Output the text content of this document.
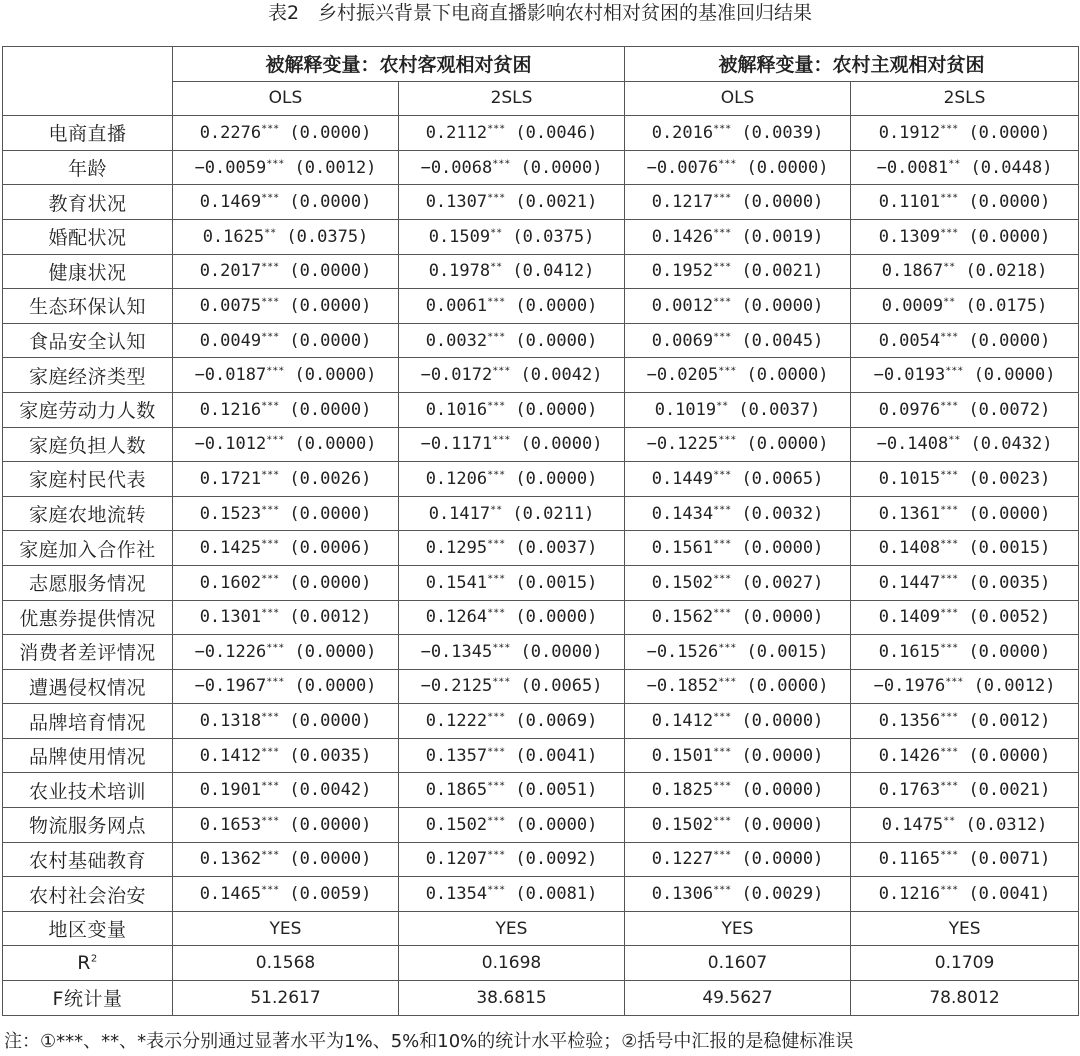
表2　乡村振兴背景下电商直播影响农村相对贫困的基准回归结果
	被解释变量：农村客观相对贫困		被解释变量：农村主观相对贫困	
	OLS	2SLS	OLS	2SLS
电商直播	0.2276*** (0.0000)	0.2112*** (0.0046)	0.2016*** (0.0039)	0.1912*** (0.0000)
年龄	−0.0059*** (0.0012)	−0.0068*** (0.0000)	−0.0076*** (0.0000)	−0.0081** (0.0448)
教育状况	0.1469*** (0.0000)	0.1307*** (0.0021)	0.1217*** (0.0000)	0.1101*** (0.0000)
婚配状况	0.1625** (0.0375)	0.1509** (0.0375)	0.1426*** (0.0019)	0.1309*** (0.0000)
健康状况	0.2017*** (0.0000)	0.1978** (0.0412)	0.1952*** (0.0021)	0.1867** (0.0218)
生态环保认知	0.0075*** (0.0000)	0.0061*** (0.0000)	0.0012*** (0.0000)	0.0009** (0.0175)
食品安全认知	0.0049*** (0.0000)	0.0032*** (0.0000)	0.0069*** (0.0045)	0.0054*** (0.0000)
家庭经济类型	−0.0187*** (0.0000)	−0.0172*** (0.0042)	−0.0205*** (0.0000)	−0.0193*** (0.0000)
家庭劳动力人数	0.1216*** (0.0000)	0.1016*** (0.0000)	0.1019** (0.0037)	0.0976*** (0.0072)
家庭负担人数	−0.1012*** (0.0000)	−0.1171*** (0.0000)	−0.1225*** (0.0000)	−0.1408** (0.0432)
家庭村民代表	0.1721*** (0.0026)	0.1206*** (0.0000)	0.1449*** (0.0065)	0.1015*** (0.0023)
家庭农地流转	0.1523*** (0.0000)	0.1417** (0.0211)	0.1434*** (0.0032)	0.1361*** (0.0000)
家庭加入合作社	0.1425*** (0.0006)	0.1295*** (0.0037)	0.1561*** (0.0000)	0.1408*** (0.0015)
志愿服务情况	0.1602*** (0.0000)	0.1541*** (0.0015)	0.1502*** (0.0027)	0.1447*** (0.0035)
优惠券提供情况	0.1301*** (0.0012)	0.1264*** (0.0000)	0.1562*** (0.0000)	0.1409*** (0.0052)
消费者差评情况	−0.1226*** (0.0000)	−0.1345*** (0.0000)	−0.1526*** (0.0015)	0.1615*** (0.0000)
遭遇侵权情况	−0.1967*** (0.0000)	−0.2125*** (0.0065)	−0.1852*** (0.0000)	−0.1976*** (0.0012)
品牌培育情况	0.1318*** (0.0000)	0.1222*** (0.0069)	0.1412*** (0.0000)	0.1356*** (0.0012)
品牌使用情况	0.1412*** (0.0035)	0.1357*** (0.0041)	0.1501*** (0.0000)	0.1426*** (0.0000)
农业技术培训	0.1901*** (0.0042)	0.1865*** (0.0051)	0.1825*** (0.0000)	0.1763*** (0.0021)
物流服务网点	0.1653*** (0.0000)	0.1502*** (0.0000)	0.1502*** (0.0000)	0.1475** (0.0312)
农村基础教育	0.1362*** (0.0000)	0.1207*** (0.0092)	0.1227*** (0.0000)	0.1165*** (0.0071)
农村社会治安	0.1465*** (0.0059)	0.1354*** (0.0081)	0.1306*** (0.0029)	0.1216*** (0.0041)
地区变量	YES	YES	YES	YES
$R^2$	0.1568	0.1698	0.1607	0.1709
F统计量	51.2617	38.6815	49.5627	78.8012
注：①***、**、*表示分别通过显著水平为1%、5%和10%的统计水平检验；②括号中汇报的是稳健标准误
